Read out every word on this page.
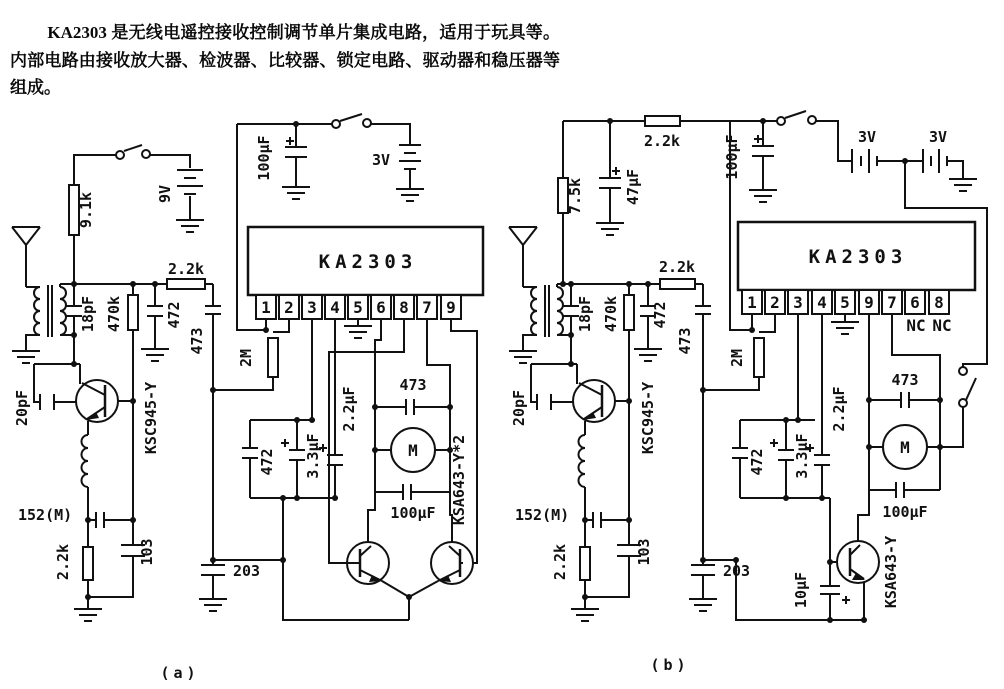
KA2303 是无线电遥控接收控制调节单片集成电路，适用于玩具等。内部电路由接收放大器、检波器、比较器、锁定电路、驱动器和稳压器等组成。

M
KA2303
1 2 3 4 5 6 8 7 9
9.1k	9V
2.2k
18pF 470k	472
473
20pF	KSC945-Y
152(M)
2.2k	103
203
100μF	3V
2M
472 3.3μF
2.2μF
473
100μF KSA643-Y*2
(a)
M
KA2303
1 2 3 4 5 9 7 6 8
NC NC
7.5k	47μF
2.2k	100μF	3V	3V
18pF 470k
2.2k
472
473
20pF	KSC945-Y
152(M)
2.2k	103
203
2M
472 3.3μF
2.2μF
473
100μF
10μF	KSA643-Y
(b)
